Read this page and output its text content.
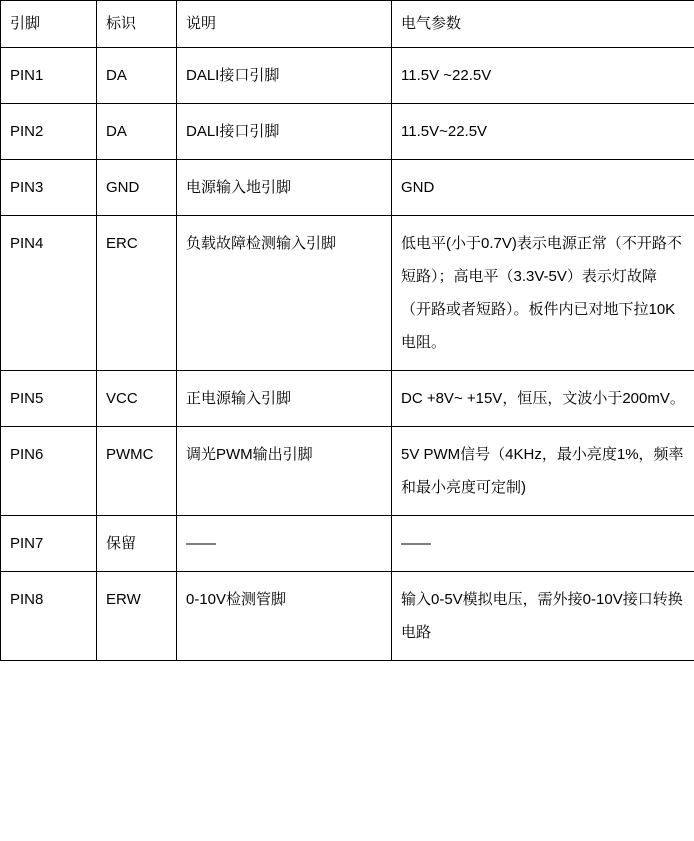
引脚	标识	说明	电气参数
PIN1	DA	DALI接口引脚	11.5V ~22.5V
PIN2	DA	DALI接口引脚	11.5V~22.5V
PIN3	GND	电源输入地引脚	GND
PIN4	ERC	负载故障检测输入引脚	低电平(小于0.7V)表示电源正常（不开路不短路）；高电平（3.3V-5V）表示灯故障（开路或者短路）。板件内已对地下拉10K电阻。
PIN5	VCC	正电源输入引脚	DC +8V~ +15V，恒压，文波小于200mV。
PIN6	PWMC	调光PWM输出引脚	5V PWM信号（4KHz，最小亮度1%，频率和最小亮度可定制)
PIN7	保留	——	——
PIN8	ERW	0-10V检测管脚	输入0-5V模拟电压，需外接0-10V接口转换电路
